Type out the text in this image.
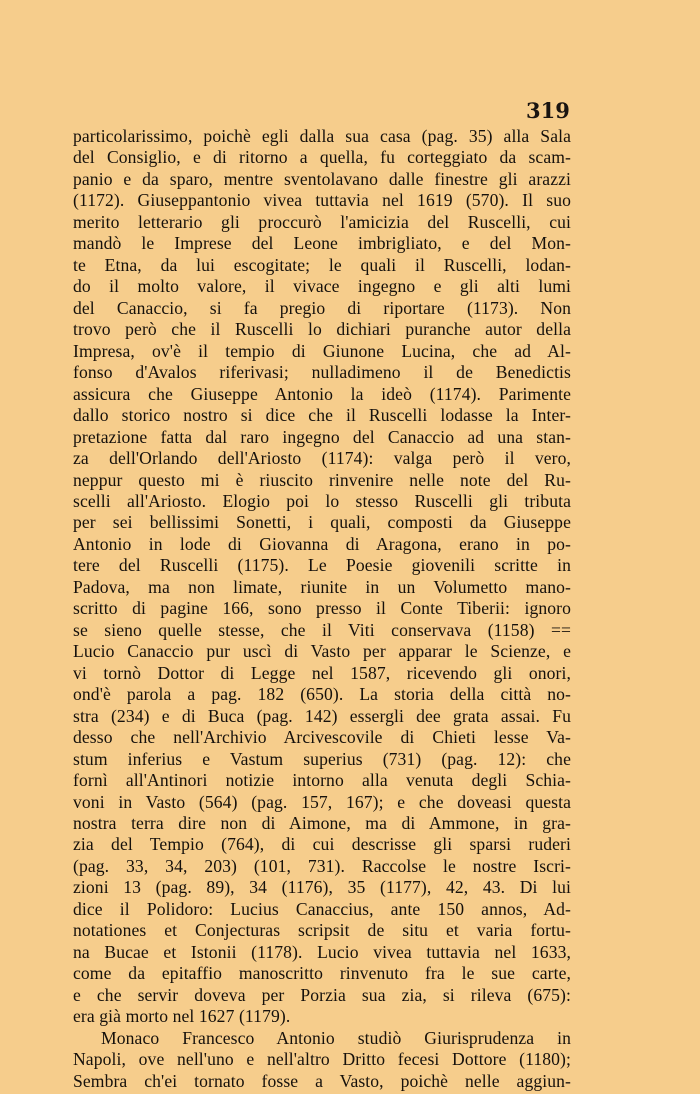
319
particolarissimo, poichè egli dalla sua casa (pag. 35) alla Sala
del Consiglio, e di ritorno a quella, fu corteggiato da scam-
panio e da sparo, mentre sventolavano dalle finestre gli arazzi
(1172). Giuseppantonio vivea tuttavia nel 1619 (570). Il suo
merito letterario gli proccurò l'amicizia del Ruscelli, cui
mandò le Imprese del Leone imbrigliato, e del Mon-
te Etna, da lui escogitate; le quali il Ruscelli, lodan-
do il molto valore, il vivace ingegno e gli alti lumi
del Canaccio, si fa pregio di riportare (1173). Non
trovo però che il Ruscelli lo dichiari puranche autor della
Impresa, ov'è il tempio di Giunone Lucina, che ad Al-
fonso d'Avalos riferivasi; nulladimeno il de Benedictis
assicura che Giuseppe Antonio la ideò (1174). Parimente
dallo storico nostro si dice che il Ruscelli lodasse la Inter-
pretazione fatta dal raro ingegno del Canaccio ad una stan-
za dell'Orlando dell'Ariosto (1174): valga però il vero,
neppur questo mi è riuscito rinvenire nelle note del Ru-
scelli all'Ariosto. Elogio poi lo stesso Ruscelli gli tributa
per sei bellissimi Sonetti, i quali, composti da Giuseppe
Antonio in lode di Giovanna di Aragona, erano in po-
tere del Ruscelli (1175). Le Poesie giovenili scritte in
Padova, ma non limate, riunite in un Volumetto mano-
scritto di pagine 166, sono presso il Conte Tiberii: ignoro
se sieno quelle stesse, che il Viti conservava (1158) ==
Lucio Canaccio pur uscì di Vasto per apparar le Scienze, e
vi tornò Dottor di Legge nel 1587, ricevendo gli onori,
ond'è parola a pag. 182 (650). La storia della città no-
stra (234) e di Buca (pag. 142) essergli dee grata assai. Fu
desso che nell'Archivio Arcivescovile di Chieti lesse Va-
stum inferius e Vastum superius (731) (pag. 12): che
fornì all'Antinori notizie intorno alla venuta degli Schia-
voni in Vasto (564) (pag. 157, 167); e che doveasi questa
nostra terra dire non di Aimone, ma di Ammone, in gra-
zia del Tempio (764), di cui descrisse gli sparsi ruderi
(pag. 33, 34, 203) (101, 731). Raccolse le nostre Iscri-
zioni 13 (pag. 89), 34 (1176), 35 (1177), 42, 43. Di lui
dice il Polidoro: Lucius Canaccius, ante 150 annos, Ad-
notationes et Conjecturas scripsit de situ et varia fortu-
na Bucae et Istonii (1178). Lucio vivea tuttavia nel 1633,
come da epitaffio manoscritto rinvenuto fra le sue carte,
e che servir doveva per Porzia sua zia, si rileva (675):
era già morto nel 1627 (1179).
Monaco Francesco Antonio studiò Giurisprudenza in
Napoli, ove nell'uno e nell'altro Dritto fecesi Dottore (1180);
Sembra ch'ei tornato fosse a Vasto, poichè nelle aggiun-
